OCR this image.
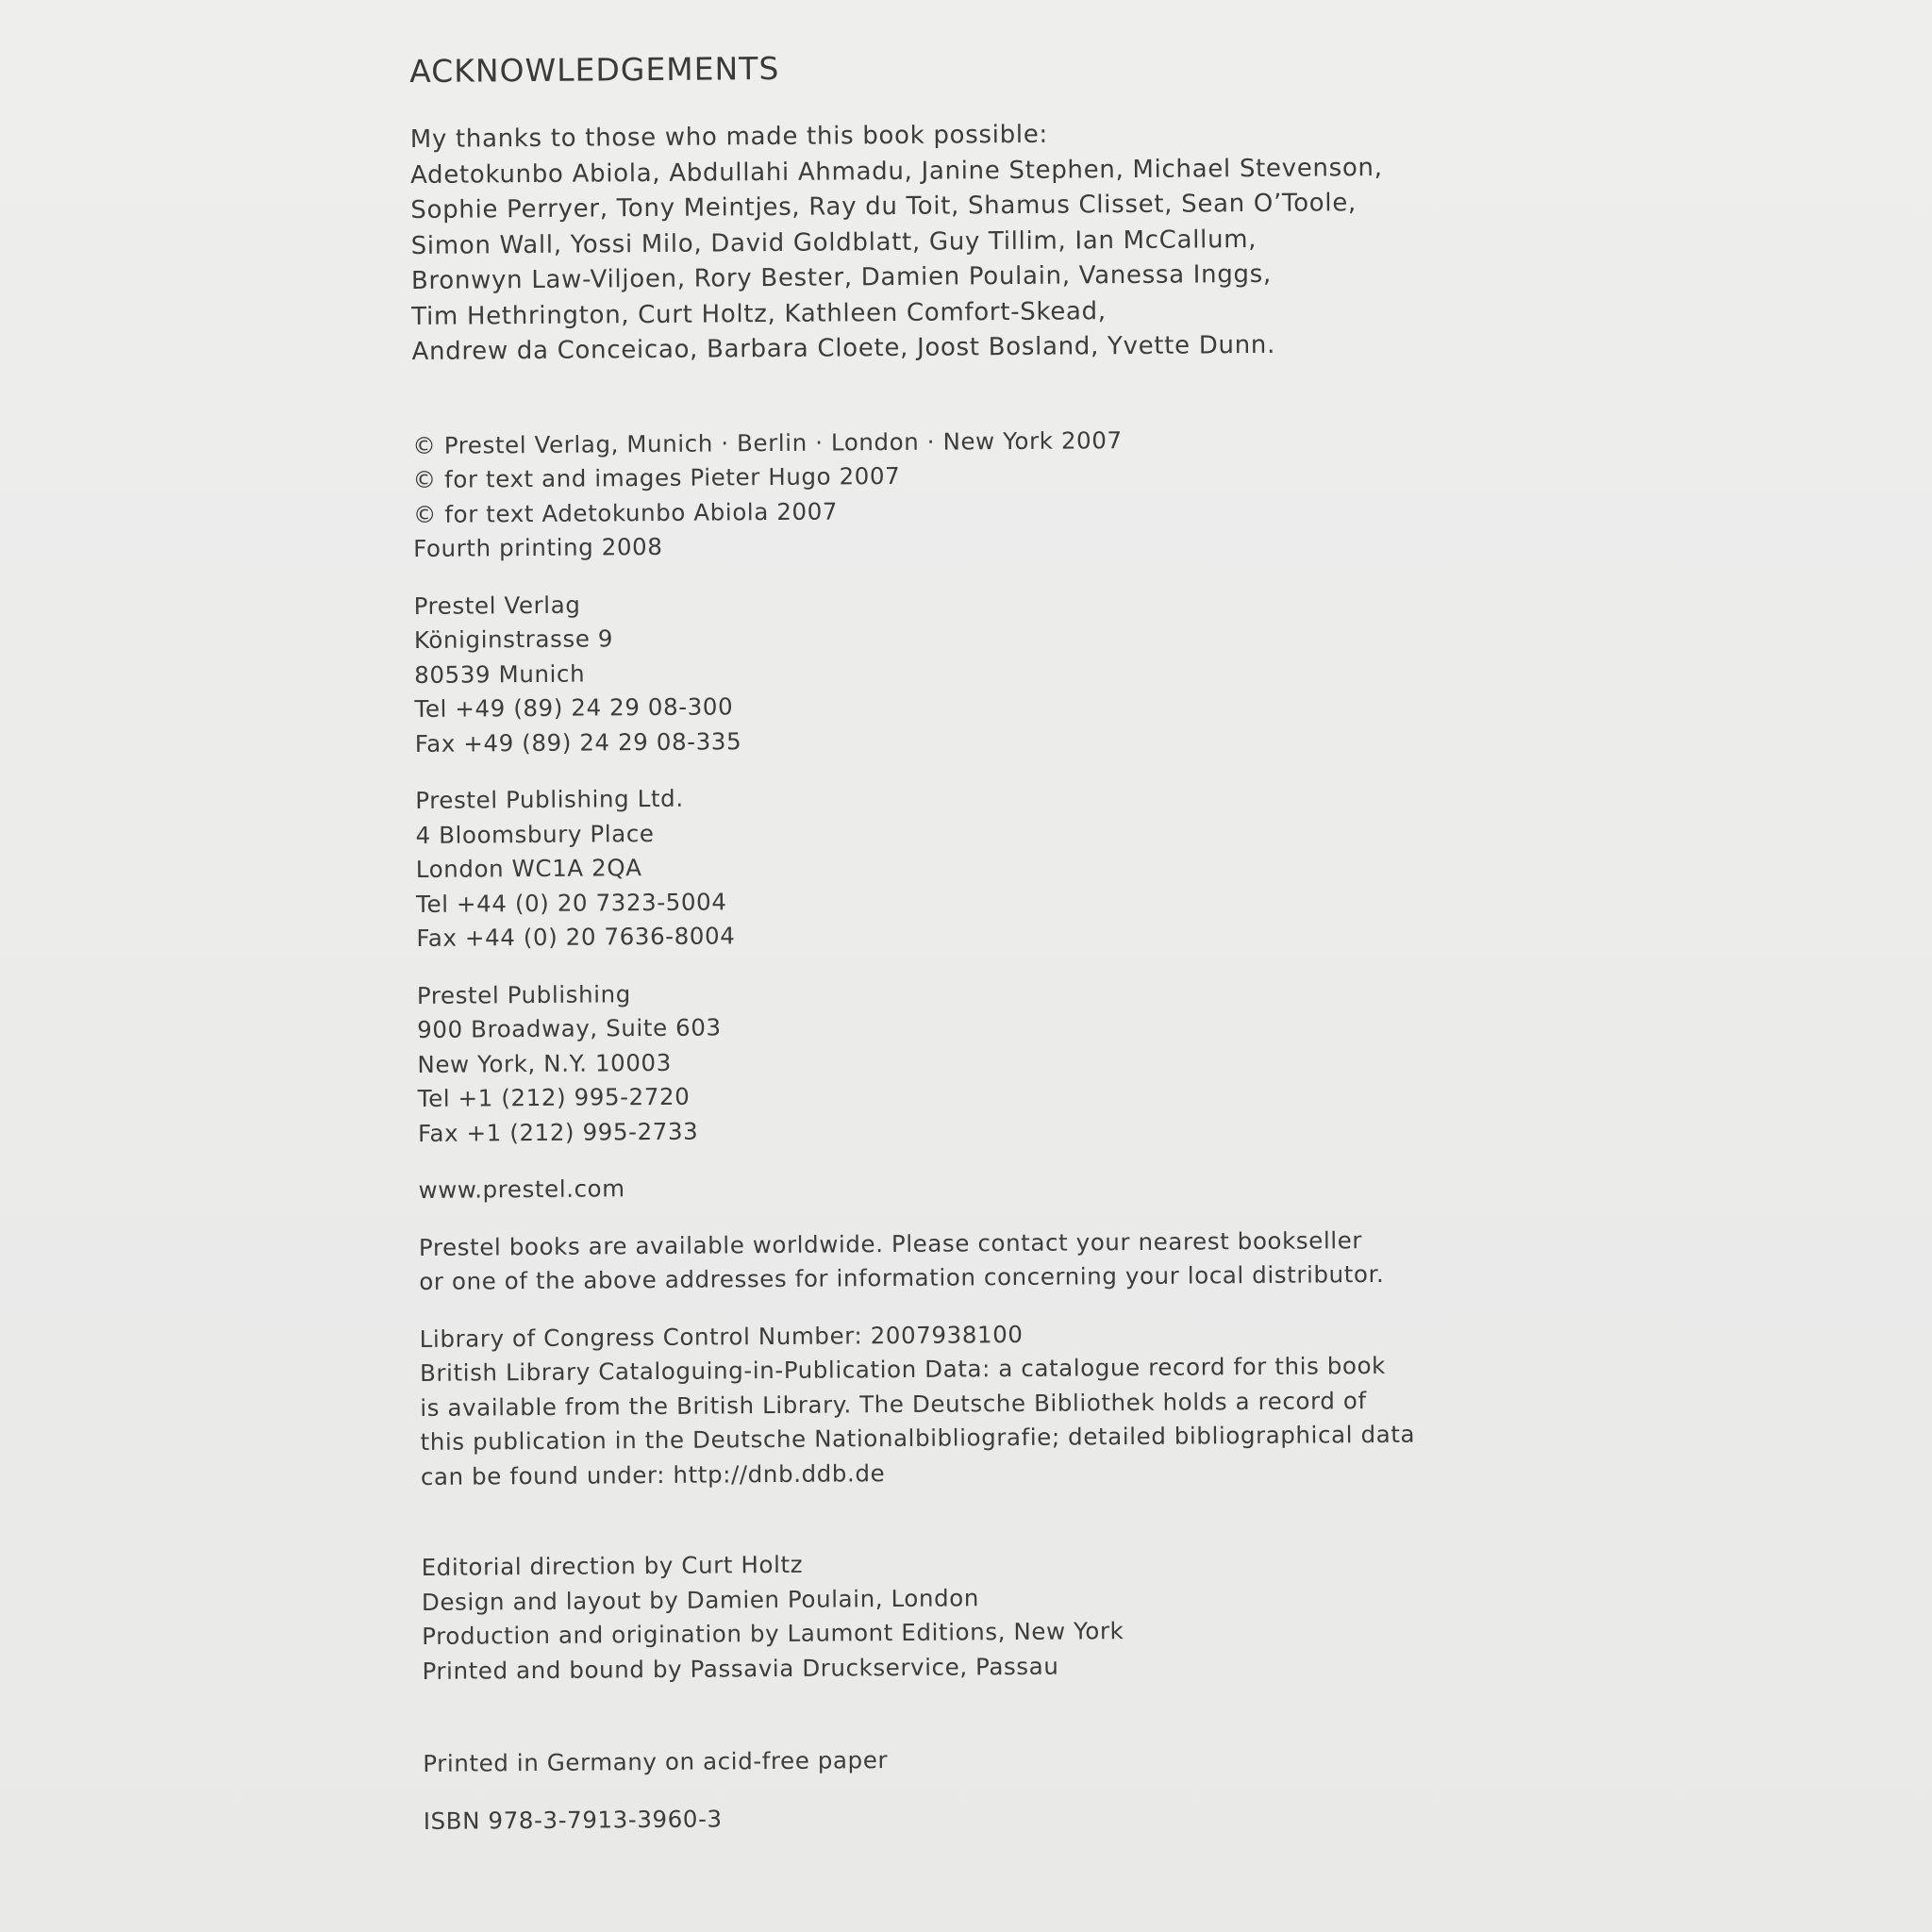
ACKNOWLEDGEMENTS
My thanks to those who made this book possible:
Adetokunbo Abiola, Abdullahi Ahmadu, Janine Stephen, Michael Stevenson,
Sophie Perryer, Tony Meintjes, Ray du Toit, Shamus Clisset, Sean O’Toole,
Simon Wall, Yossi Milo, David Goldblatt, Guy Tillim, Ian McCallum,
Bronwyn Law-Viljoen, Rory Bester, Damien Poulain, Vanessa Inggs,
Tim Hethrington, Curt Holtz, Kathleen Comfort-Skead,
Andrew da Conceicao, Barbara Cloete, Joost Bosland, Yvette Dunn.
© Prestel Verlag, Munich · Berlin · London · New York 2007
© for text and images Pieter Hugo 2007
© for text Adetokunbo Abiola 2007
Fourth printing 2008
Prestel Verlag
Königinstrasse 9
80539 Munich
Tel +49 (89) 24 29 08-300
Fax +49 (89) 24 29 08-335
Prestel Publishing Ltd.
4 Bloomsbury Place
London WC1A 2QA
Tel +44 (0) 20 7323-5004
Fax +44 (0) 20 7636-8004
Prestel Publishing
900 Broadway, Suite 603
New York, N.Y. 10003
Tel +1 (212) 995-2720
Fax +1 (212) 995-2733
www.prestel.com
Prestel books are available worldwide. Please contact your nearest bookseller
or one of the above addresses for information concerning your local distributor.
Library of Congress Control Number: 2007938100
British Library Cataloguing-in-Publication Data: a catalogue record for this book
is available from the British Library. The Deutsche Bibliothek holds a record of
this publication in the Deutsche Nationalbibliografie; detailed bibliographical data
can be found under: http://dnb.ddb.de
Editorial direction by Curt Holtz
Design and layout by Damien Poulain, London
Production and origination by Laumont Editions, New York
Printed and bound by Passavia Druckservice, Passau
Printed in Germany on acid-free paper
ISBN 978-3-7913-3960-3
